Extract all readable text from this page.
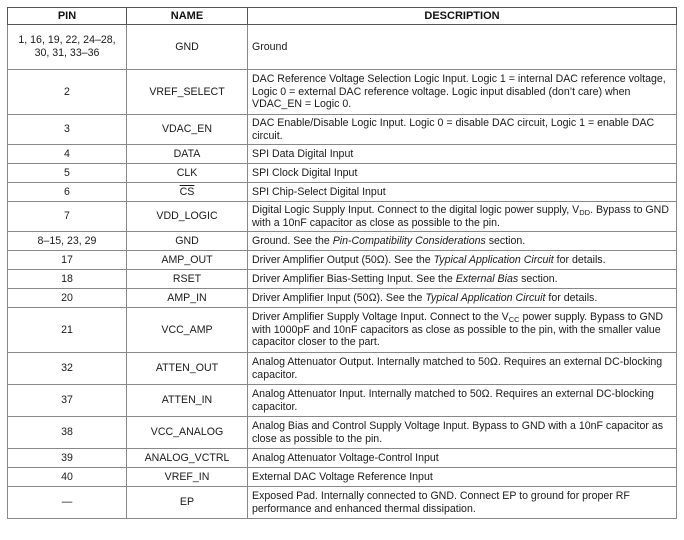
PIN	NAME	DESCRIPTION
1, 16, 19, 22, 24–28, 30, 31, 33–36	GND	Ground
2	VREF_SELECT	DAC Reference Voltage Selection Logic Input. Logic 1 = internal DAC reference voltage, Logic 0 = external DAC reference voltage. Logic input disabled (don’t care) when VDAC_EN = Logic 0.
3	VDAC_EN	DAC Enable/Disable Logic Input. Logic 0 = disable DAC circuit, Logic 1 = enable DAC circuit.
4	DATA	SPI Data Digital Input
5	CLK	SPI Clock Digital Input
6	$\overline{CS}$	SPI Chip-Select Digital Input
7	VDD_LOGIC	Digital Logic Supply Input. Connect to the digital logic power supply, $V_{DD}$. Bypass to GND with a 10nF capacitor as close as possible to the pin.
8–15, 23, 29	GND	Ground. See the Pin-Compatibility Considerations section.
17	AMP_OUT	Driver Amplifier Output (50Ω). See the Typical Application Circuit for details.
18	RSET	Driver Amplifier Bias-Setting Input. See the External Bias section.
20	AMP_IN	Driver Amplifier Input (50Ω). See the Typical Application Circuit for details.
21	VCC_AMP	Driver Amplifier Supply Voltage Input. Connect to the $V_{CC}$ power supply. Bypass to GND with 1000pF and 10nF capacitors as close as possible to the pin, with the smaller value capacitor closer to the part.
32	ATTEN_OUT	Analog Attenuator Output. Internally matched to 50Ω. Requires an external DC-blocking capacitor.
37	ATTEN_IN	Analog Attenuator Input. Internally matched to 50Ω. Requires an external DC-blocking capacitor.
38	VCC_ANALOG	Analog Bias and Control Supply Voltage Input. Bypass to GND with a 10nF capacitor as close as possible to the pin.
39	ANALOG_VCTRL	Analog Attenuator Voltage-Control Input
40	VREF_IN	External DAC Voltage Reference Input
—	EP	Exposed Pad. Internally connected to GND. Connect EP to ground for proper RF performance and enhanced thermal dissipation.
